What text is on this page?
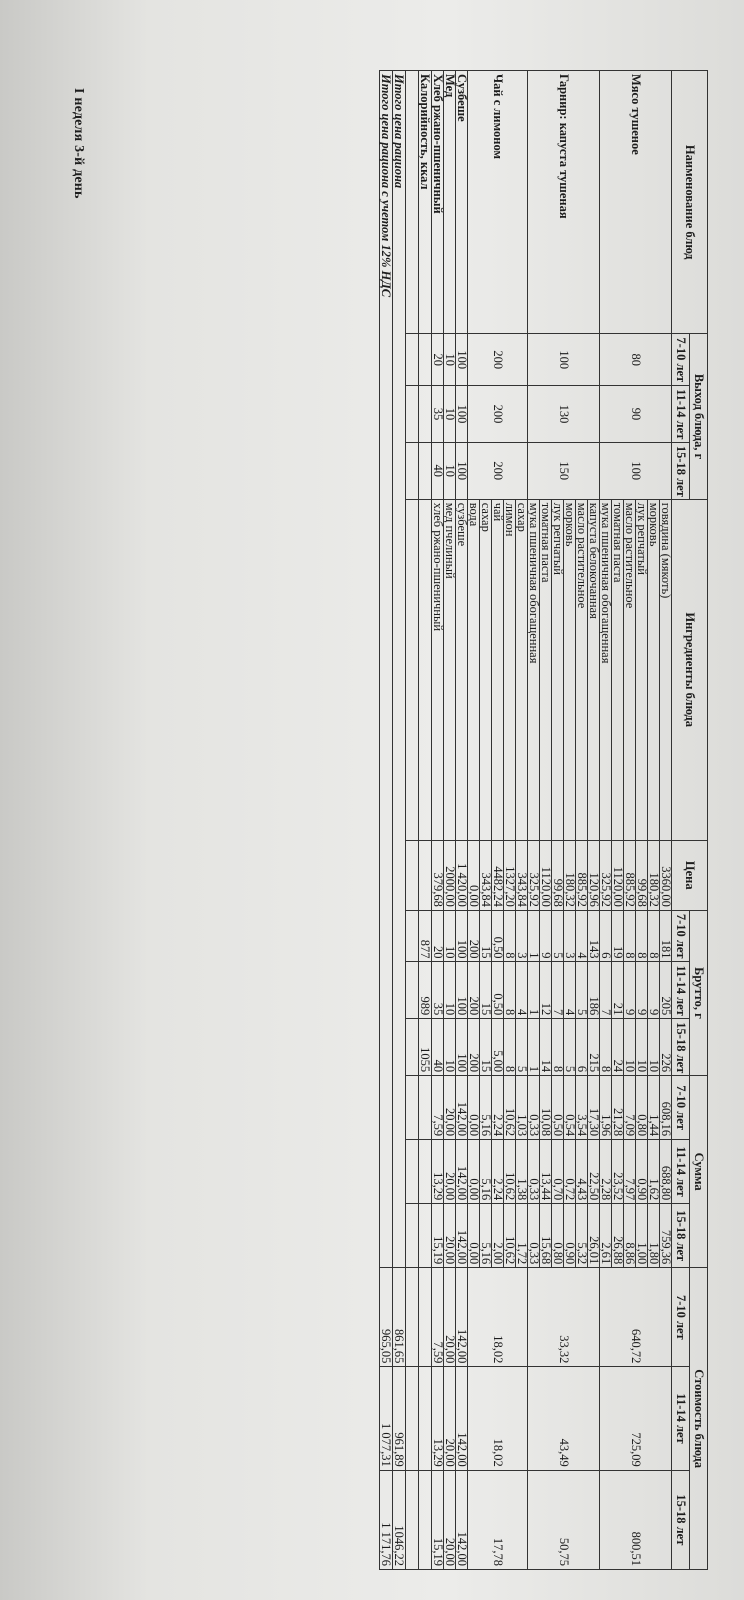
I неделя 3-й день
Наименование блюд	Выход блюда, г			Ингредиенты блюда	Цена	Брутто, г			Сумма			Стоимость блюда		
	7-10 лет	11-14 лет	15-18 лет			7-10 лет	11-14 лет	15-18 лет	7-10 лет	11-14 лет	15-18 лет	7-10 лет	11-14 лет	15-18 лет
Мясо тушеное	80	90	100	говядина (мякоть)	3360,00	181	205	226	608,16	688,80	759,36	640,72	725,09	800,51
				морковь	180,32	8	9	10	1,44	1,62	1,80			
				лук репчатый	99,68	8	9	10	0,80	0,90	1,00			
				масло растительное	885,92	8	9	10	7,09	7,97	8,86			
				томатная паста	1120,00	19	21	24	21,28	23,52	26,88			
				мука пшеничная обогащенная	325,92	6	7	8	1,96	2,28	2,61			
Гарнир: капуста тушеная	100	130	150	капуста белокочанная	120,96	143	186	215	17,30	22,50	26,01	33,32	43,49	50,75
				масло растительное	885,92	4	5	6	3,54	4,43	5,32			
				морковь	180,32	3	4	5	0,54	0,72	0,90			
				лук репчатый	99,68	5	7	8	0,50	0,70	0,80			
				томатная паста	1120,00	9	12	14	10,08	13,44	15,68			
				мука пшеничная обогащенная	325,92	1	1	1	0,33	0,33	0,33			
Чай с лимоном	200	200	200	сахар	343,84	3	4	5	1,03	1,38	1,72	18,02	18,02	17,78
				лимон	1327,20	8	8	8	10,62	10,62	10,62			
				чай	4482,24	0,50	0,50	5,00	2,24	2,24	2,00			
				сахар	343,84	15	15	15	5,16	5,16	5,16			
				вода	0,00	200	200	200	0,00	0,00	0,00			
Сузбеше	100	100	100	сузбеше	1 420,00	100	100	100	142,00	142,00	142,00	142,00	142,00	142,00
Мед	10	10	10	мед пчелиный	2000,00	10	10	10	20,00	20,00	20,00	20,00	20,00	20,00
Хлеб ржано-пшеничный	20	35	40	хлеб ржано-пшеничный	379,68	20	35	40	7,59	13,29	15,19	7,59	13,29	15,19
Калорийность, ккал						877	989	1055						

Итого цена рациона												861,65	961,89	1046,22
Итого цена рациона с учетом 12% НДС												965,05	1 077,31	1 171,76
